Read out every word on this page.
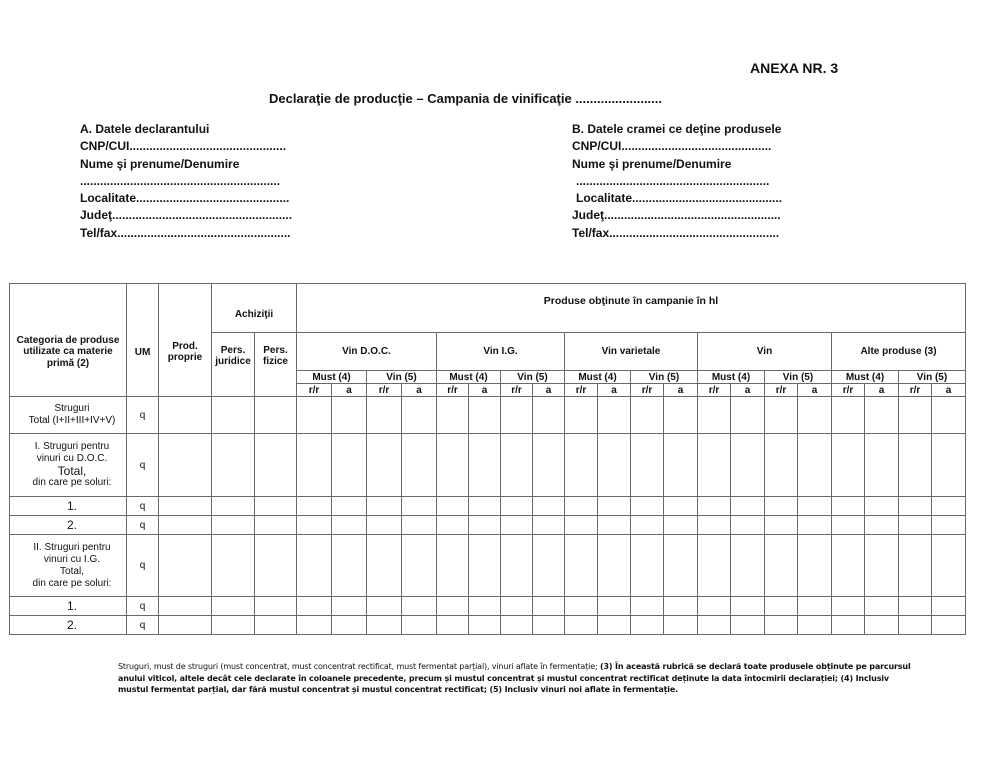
ANEXA NR. 3
Declaraţie de producţie – Campania de vinificaţie ........................
A. Datele declarantului
CNP/CUI...............................................
Nume şi prenume/Denumire
............................................................
Localitate..............................................
Judeţ......................................................
Tel/fax....................................................
B. Datele cramei ce deţine produsele
CNP/CUI.............................................
Nume şi prenume/Denumire
..........................................................
Localitate.............................................
Judeţ.....................................................
Tel/fax...................................................
Categoria de produse utilizate ca materie primă (2)	UM	Prod. proprie	Achiziţii		Produse obţinute în campanie în hl																			
			Pers. juridice	Pers. fizice	Vin D.O.C.				Vin I.G.				Vin varietale				Vin				Alte produse (3)			
					Must (4)		Vin (5)		Must (4)		Vin (5)		Must (4)		Vin (5)		Must (4)		Vin (5)		Must (4)		Vin (5)	
					r/r	a	r/r	a	r/r	a	r/r	a	r/r	a	r/r	a	r/r	a	r/r	a	r/r	a	r/r	a

Struguri
Total (I+II+III+IV+V)	q																							

I. Struguri pentru
vinuri cu D.O.C.
Total,
din care pe soluri:	q																							

1.	q																							

2.	q																							

II. Struguri pentru
vinuri cu I.G.
Total,
din care pe soluri:	q																							

1.	q																							

2.	q																							
Struguri, must de struguri (must concentrat, must concentrat rectificat, must fermentat parțial), vinuri aflate în fermentație; (3) În această rubrică se declară toate produsele obținute pe parcursul anului viticol, altele decât cele declarate în coloanele precedente, precum și mustul concentrat și mustul concentrat rectificat deținute la data întocmirii declarației; (4) Inclusiv mustul fermentat parțial, dar fără mustul concentrat și mustul concentrat rectificat; (5) Inclusiv vinuri noi aflate în fermentație.
